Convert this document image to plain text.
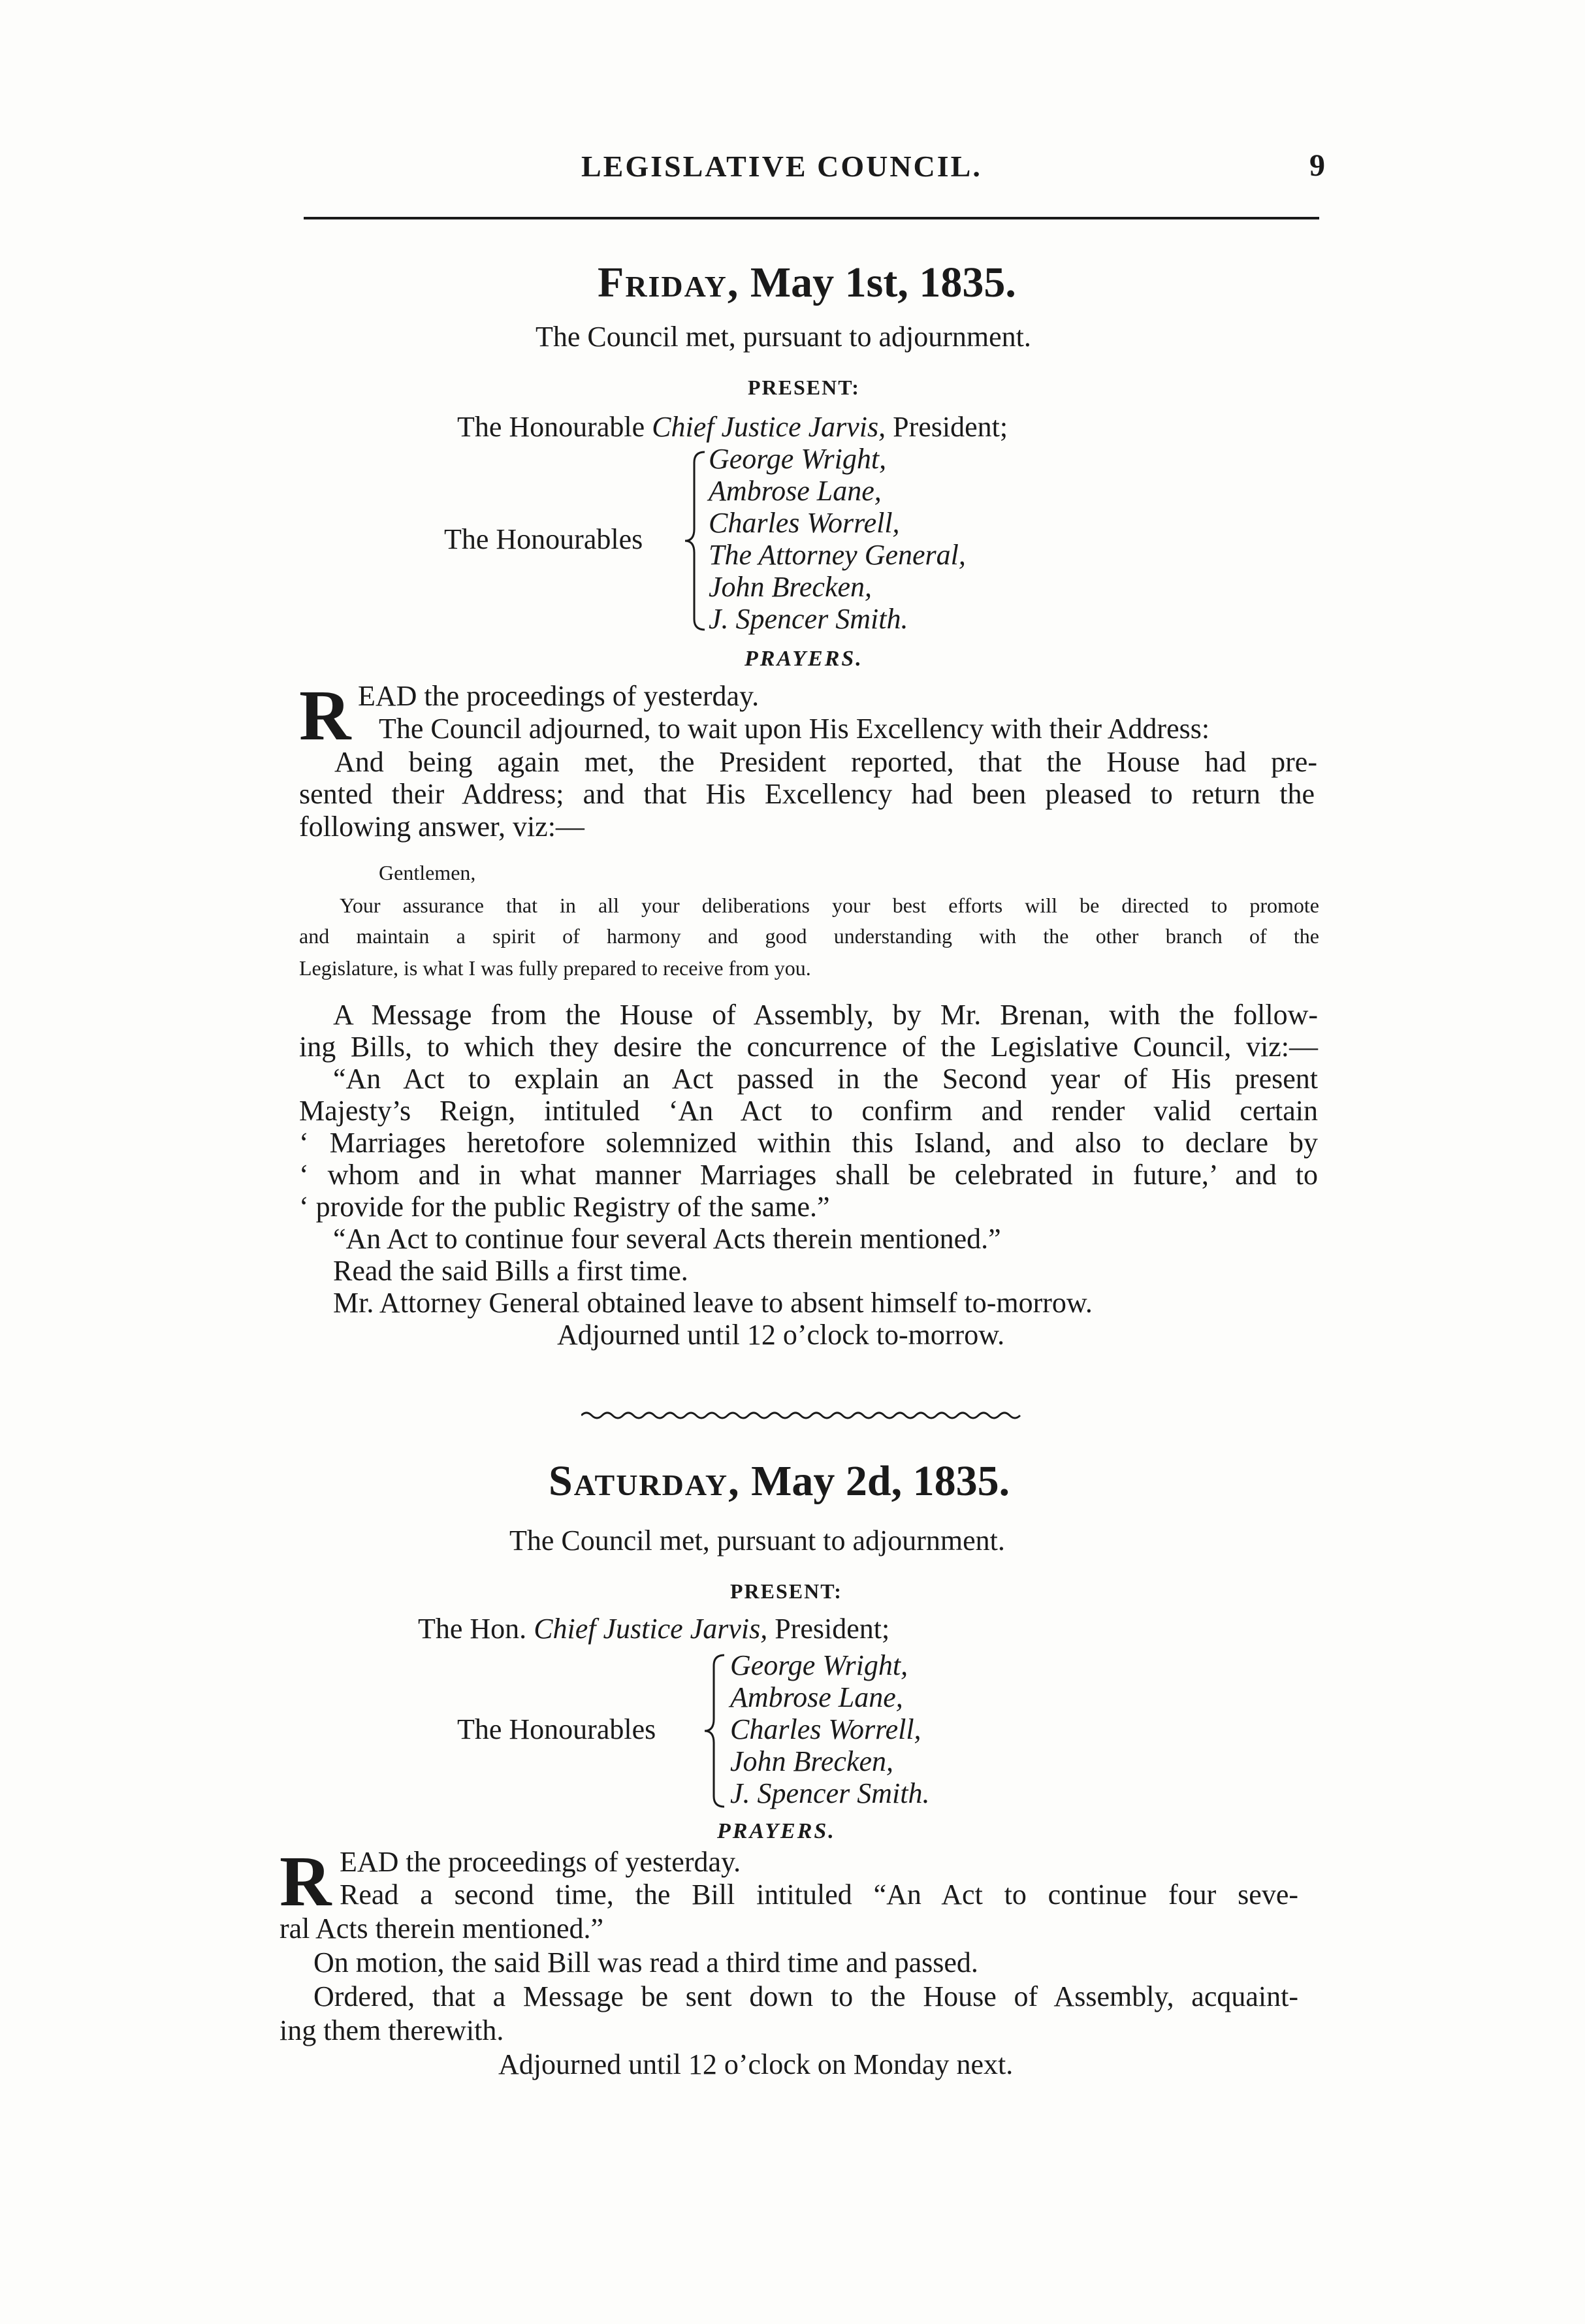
LEGISLATIVE COUNCIL.	9
Friday, May 1st, 1835.
The Council met, pursuant to adjournment.
PRESENT:
The Honourable Chief Justice Jarvis, President;
The Honourables
George Wright,
Ambrose Lane,
Charles Worrell,
The Attorney General,
John Brecken,
J. Spencer Smith.
PRAYERS.
R EAD the proceedings of yesterday.
The Council adjourned, to wait upon His Excellency with their Address:
And being again met, the President reported, that the House had pre-
sented their Address; and that His Excellency had been pleased to return the
following answer, viz:—
Gentlemen,
Your assurance that in all your deliberations your best efforts will be directed to promote
and maintain a spirit of harmony and good understanding with the other branch of the
Legislature, is what I was fully prepared to receive from you.
A Message from the House of Assembly, by Mr. Brenan, with the follow-
ing Bills, to which they desire the concurrence of the Legislative Council, viz:—
“An Act to explain an Act passed in the Second year of His present
Majesty’s Reign, intituled ‘An Act to confirm and render valid certain
‘ Marriages heretofore solemnized within this Island, and also to declare by
‘ whom and in what manner Marriages shall be celebrated in future,’ and to
‘ provide for the public Registry of the same.”
“An Act to continue four several Acts therein mentioned.”
Read the said Bills a first time.
Mr. Attorney General obtained leave to absent himself to-morrow.
Adjourned until 12 o’clock to-morrow.
Saturday, May 2d, 1835.
The Council met, pursuant to adjournment.
PRESENT:
The Hon. Chief Justice Jarvis, President;
The Honourables
George Wright,
Ambrose Lane,
Charles Worrell,
John Brecken,
J. Spencer Smith.
PRAYERS.
R EAD the proceedings of yesterday.
Read a second time, the Bill intituled “An Act to continue four seve-
ral Acts therein mentioned.”
On motion, the said Bill was read a third time and passed.
Ordered, that a Message be sent down to the House of Assembly, acquaint-
ing them therewith.
Adjourned until 12 o’clock on Monday next.
